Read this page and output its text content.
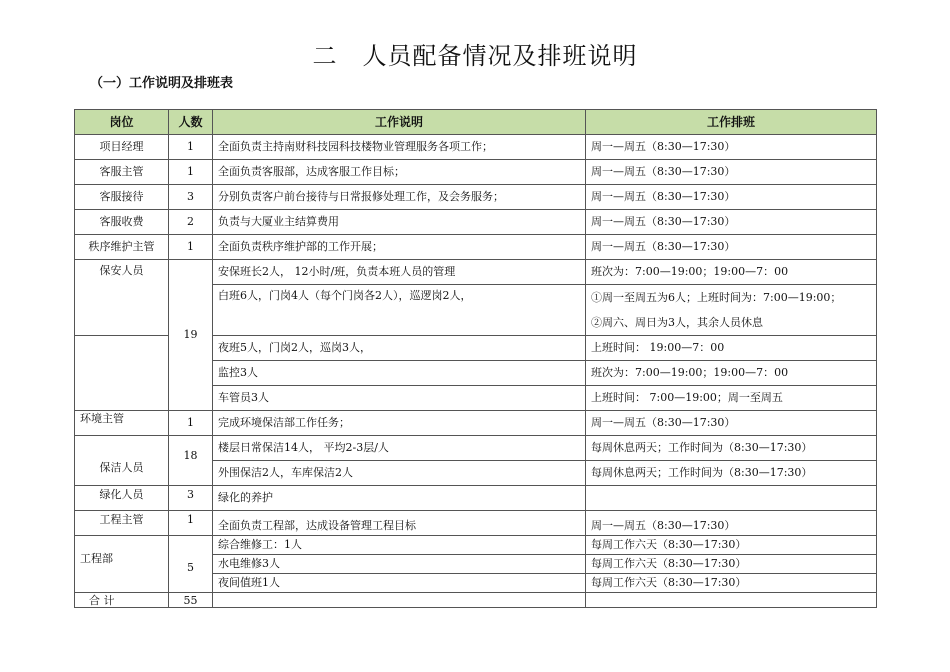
二　人员配备情况及排班说明
（一）工作说明及排班表
岗位	人数	工作说明	工作排班
项目经理	1	全面负责主持南财科技园科技楼物业管理服务各项工作；	周一—周五（8:30—17:30）
客服主管	1	全面负责客服部，达成客服工作目标；	周一—周五（8:30—17:30）
客服接待	3	分别负责客户前台接待与日常报修处理工作，及会务服务；	周一—周五（8:30—17:30）
客服收费	2	负责与大厦业主结算费用	周一—周五（8:30—17:30）
秩序维护主管	1	全面负责秩序维护部的工作开展；	周一—周五（8:30—17:30）
保安人员	19	安保班长2人， 12小时/班，负责本班人员的管理	班次为：7:00—19:00；19:00—7：00
		白班6人，门岗4人（每个门岗各2人），巡逻岗2人，	①周一至周五为6人；上班时间为：7:00—19:00；
②周六、周日为3人，其余人员休息

		夜班5人，门岗2人，巡岗3人，	上班时间： 19:00—7：00
		监控3人	班次为：7:00—19:00；19:00—7：00
		车管员3人	上班时间： 7:00—19:00；周一至周五
环境主管	1	完成环境保洁部工作任务；	周一—周五（8:30—17:30）
保洁人员	18	楼层日常保洁14人， 平均2-3层/人	每周休息两天；工作时间为（8:30—17:30）
		外围保洁2人，车库保洁2人	每周休息两天；工作时间为（8:30—17:30）
绿化人员	3	绿化的养护	
工程主管	1	全面负责工程部，达成设备管理工程目标	周一—周五（8:30—17:30）
工程部	5	综合维修工：1人	每周工作六天（8:30—17:30）
		水电维修3人	每周工作六天（8:30—17:30）
		夜间值班1人	每周工作六天（8:30—17:30）
合 计	55		
